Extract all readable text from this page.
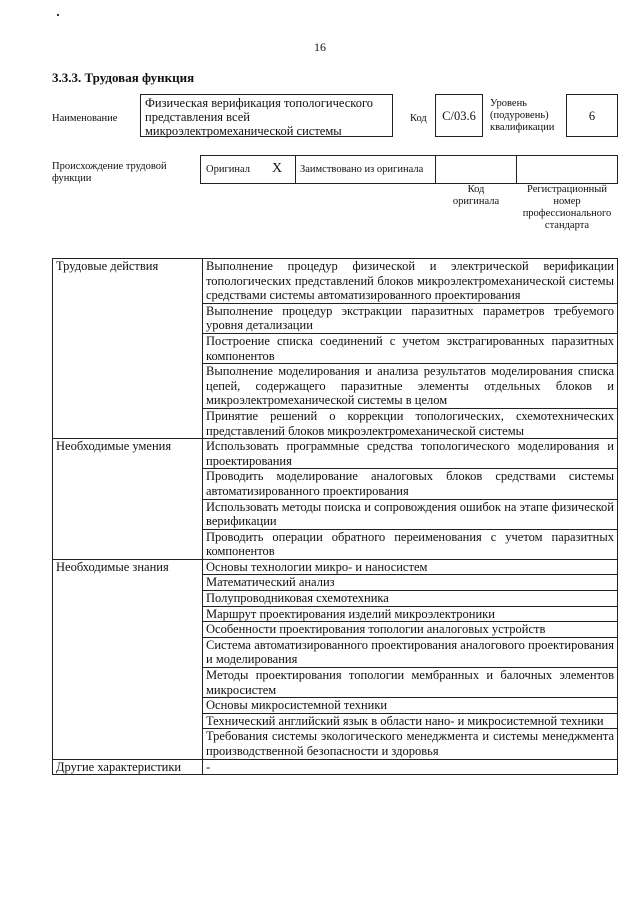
16
3.3.3. Трудовая функция
Наименование
Физическая верификация топологического
представления всей
микроэлектромеханической системы
Код	С/03.6
Уровень
(подуровень)
квалификации
6
Происхождение трудовой
функции
Оригинал X Заимствовано из оригинала
Код
оригинала
Регистрационный
номер
профессионального
стандарта
Трудовые действия	Выполнение процедур физической и электрической верификации топологических представлений блоков микроэлектромеханической системы средствами системы автоматизированного проектирования
	Выполнение процедур экстракции паразитных параметров требуемого уровня детализации
	Построение списка соединений с учетом экстрагированных паразитных компонентов
	Выполнение моделирования и анализа результатов моделирования списка цепей, содержащего паразитные элементы отдельных блоков и микроэлектромеханической системы в целом
	Принятие решений о коррекции топологических, схемотехнических представлений блоков микроэлектромеханической системы
Необходимые умения	Использовать программные средства топологического моделирования и проектирования
	Проводить моделирование аналоговых блоков средствами системы автоматизированного проектирования
	Использовать методы поиска и сопровождения ошибок на этапе физической верификации
	Проводить операции обратного переименования с учетом паразитных компонентов
Необходимые знания	Основы технологии микро- и наносистем
	Математический анализ
	Полупроводниковая схемотехника
	Маршрут проектирования изделий микроэлектроники
	Особенности проектирования топологии аналоговых устройств
	Система автоматизированного проектирования аналогового проектирования и моделирования
	Методы проектирования топологии мембранных и балочных элементов микросистем
	Основы микросистемной техники
	Технический английский язык в области нано- и микросистемной техники
	Требования системы экологического менеджмента и системы менеджмента производственной безопасности и здоровья
Другие характеристики	-
